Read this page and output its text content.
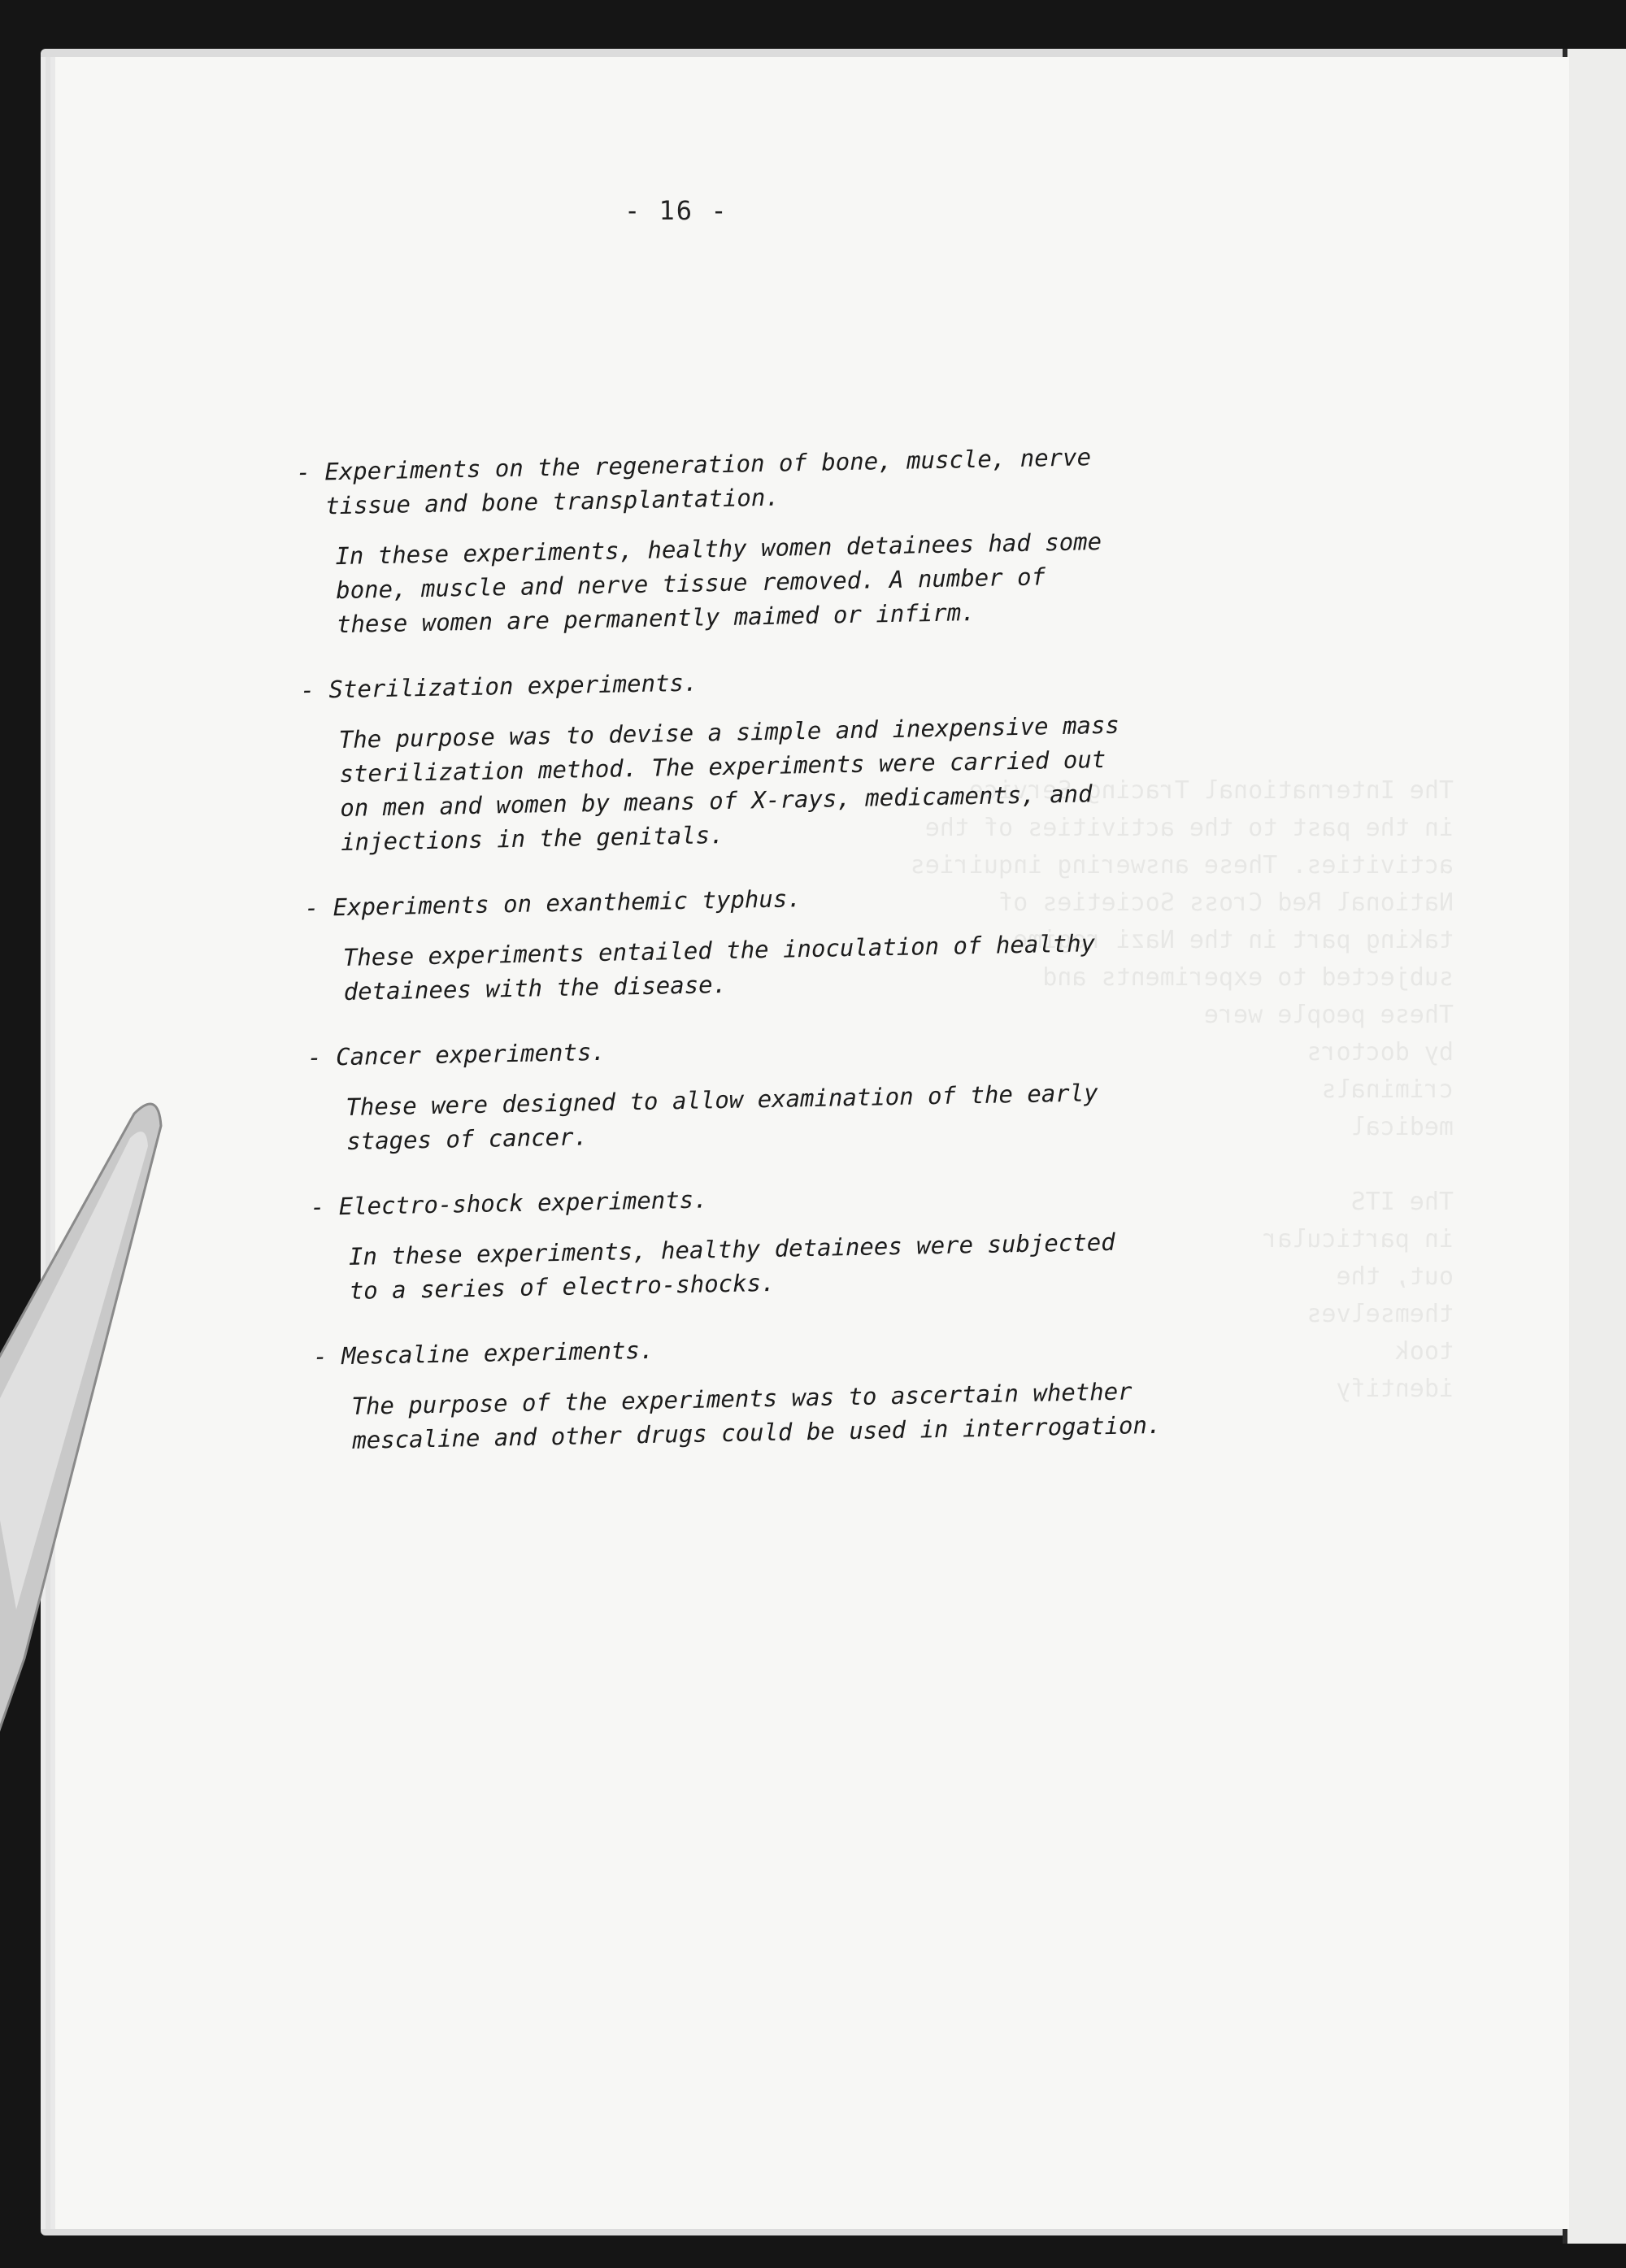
The International Tracing Service
in the past to the activities of the
activities. These answering inquiries
National Red Cross Societies of
taking part in the Nazi regime
subjected to experiments and
These people were
by doctors
criminals
medical

The ITS
in particular
out, the
themselves
took
identify
- 16 -
- Experiments on the regeneration of bone, muscle, nerve
tissue and bone transplantation.
In these experiments, healthy women detainees had some
bone, muscle and nerve tissue removed. A number of
these women are permanently maimed or infirm.
- Sterilization experiments.
The purpose was to devise a simple and inexpensive mass
sterilization method. The experiments were carried out
on men and women by means of X-rays, medicaments, and
injections in the genitals.
- Experiments on exanthemic typhus.
These experiments entailed the inoculation of healthy
detainees with the disease.
- Cancer experiments.
These were designed to allow examination of the early
stages of cancer.
- Electro-shock experiments.
In these experiments, healthy detainees were subjected
to a series of electro-shocks.
- Mescaline experiments.
The purpose of the experiments was to ascertain whether
mescaline and other drugs could be used in interrogation.
